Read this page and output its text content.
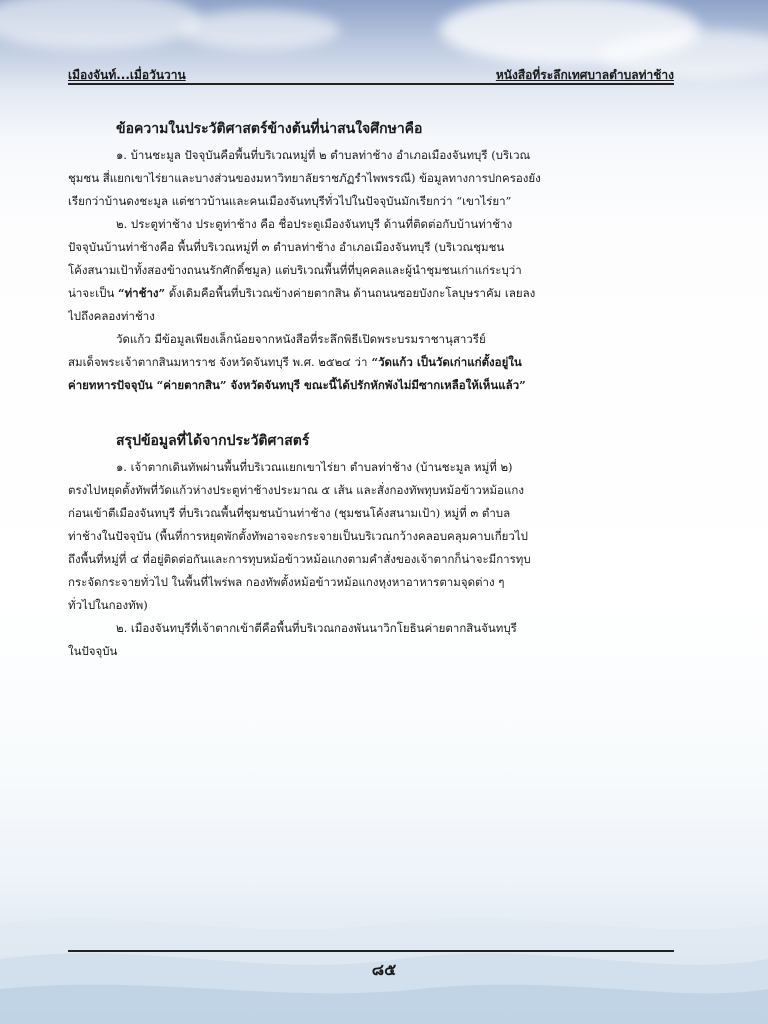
เมืองจันท์...เมื่อวันวาน	หนังสือที่ระลึกเทศบาลตำบลท่าช้าง

ข้อความในประวัติศาสตร์ข้างต้นที่น่าสนใจศึกษาคือ

๑. บ้านชะมูล ปัจจุบันคือพื้นที่บริเวณหมู่ที่ ๒ ตำบลท่าช้าง อำเภอเมืองจันทบุรี (บริเวณ
ชุมชน สี่แยกเขาไร่ยาและบางส่วนของมหาวิทยาลัยราชภัฏรำไพพรรณี) ข้อมูลทางการปกครองยัง
เรียกว่าบ้านดงชะมูล แต่ชาวบ้านและคนเมืองจันทบุรีทั่วไปในปัจจุบันมักเรียกว่า “เขาไร่ยา”
๒. ประตูท่าช้าง ประตูท่าช้าง คือ ชื่อประตูเมืองจันทบุรี ด้านที่ติดต่อกับบ้านท่าช้าง
ปัจจุบันบ้านท่าช้างคือ พื้นที่บริเวณหมู่ที่ ๓ ตำบลท่าช้าง อำเภอเมืองจันทบุรี (บริเวณชุมชน
โค้งสนามเป้าทั้งสองข้างถนนรักศักดิ์ชมูล) แต่บริเวณพื้นที่ที่บุคคลและผู้นำชุมชนเก่าแก่ระบุว่า
น่าจะเป็น “ท่าช้าง” ดั้งเดิมคือพื้นที่บริเวณข้างค่ายตากสิน ด้านถนนซอยบังกะโลบุษราคัม เลยลง
ไปถึงคลองท่าช้าง
วัดแก้ว มีข้อมูลเพียงเล็กน้อยจากหนังสือที่ระลึกพิธีเปิดพระบรมราชานุสาวรีย์
สมเด็จพระเจ้าตากสินมหาราช จังหวัดจันทบุรี พ.ศ. ๒๕๒๔ ว่า “วัดแก้ว เป็นวัดเก่าแก่ตั้งอยู่ใน
ค่ายทหารปัจจุบัน “ค่ายตากสิน” จังหวัดจันทบุรี ขณะนี้ได้ปรักหักพังไม่มีซากเหลือให้เห็นแล้ว”

สรุปข้อมูลที่ได้จากประวัติศาสตร์

๑. เจ้าตากเดินทัพผ่านพื้นที่บริเวณแยกเขาไร่ยา ตำบลท่าช้าง (บ้านชะมูล หมู่ที่ ๒)
ตรงไปหยุดตั้งทัพที่วัดแก้วห่างประตูท่าช้างประมาณ ๕ เส้น และสั่งกองทัพทุบหม้อข้าวหม้อแกง
ก่อนเข้าตีเมืองจันทบุรี ที่บริเวณพื้นที่ชุมชนบ้านท่าช้าง (ชุมชนโค้งสนามเป้า) หมู่ที่ ๓ ตำบล
ท่าช้างในปัจจุบัน (พื้นที่การหยุดพักตั้งทัพอาจจะกระจายเป็นบริเวณกว้างคลอบคลุมคาบเกี่ยวไป
ถึงพื้นที่หมู่ที่ ๔ ที่อยู่ติดต่อกันและการทุบหม้อข้าวหม้อแกงตามคำสั่งของเจ้าตากก็น่าจะมีการทุบ
กระจัดกระจายทั่วไป ในพื้นที่ไพร่พล กองทัพตั้งหม้อข้าวหม้อแกงหุงหาอาหารตามจุดต่าง ๆ
ทั่วไปในกองทัพ)
๒. เมืองจันทบุรีที่เจ้าตากเข้าตีคือพื้นที่บริเวณกองพันนาวิกโยธินค่ายตากสินจันทบุรี
ในปัจจุบัน

๘๕
